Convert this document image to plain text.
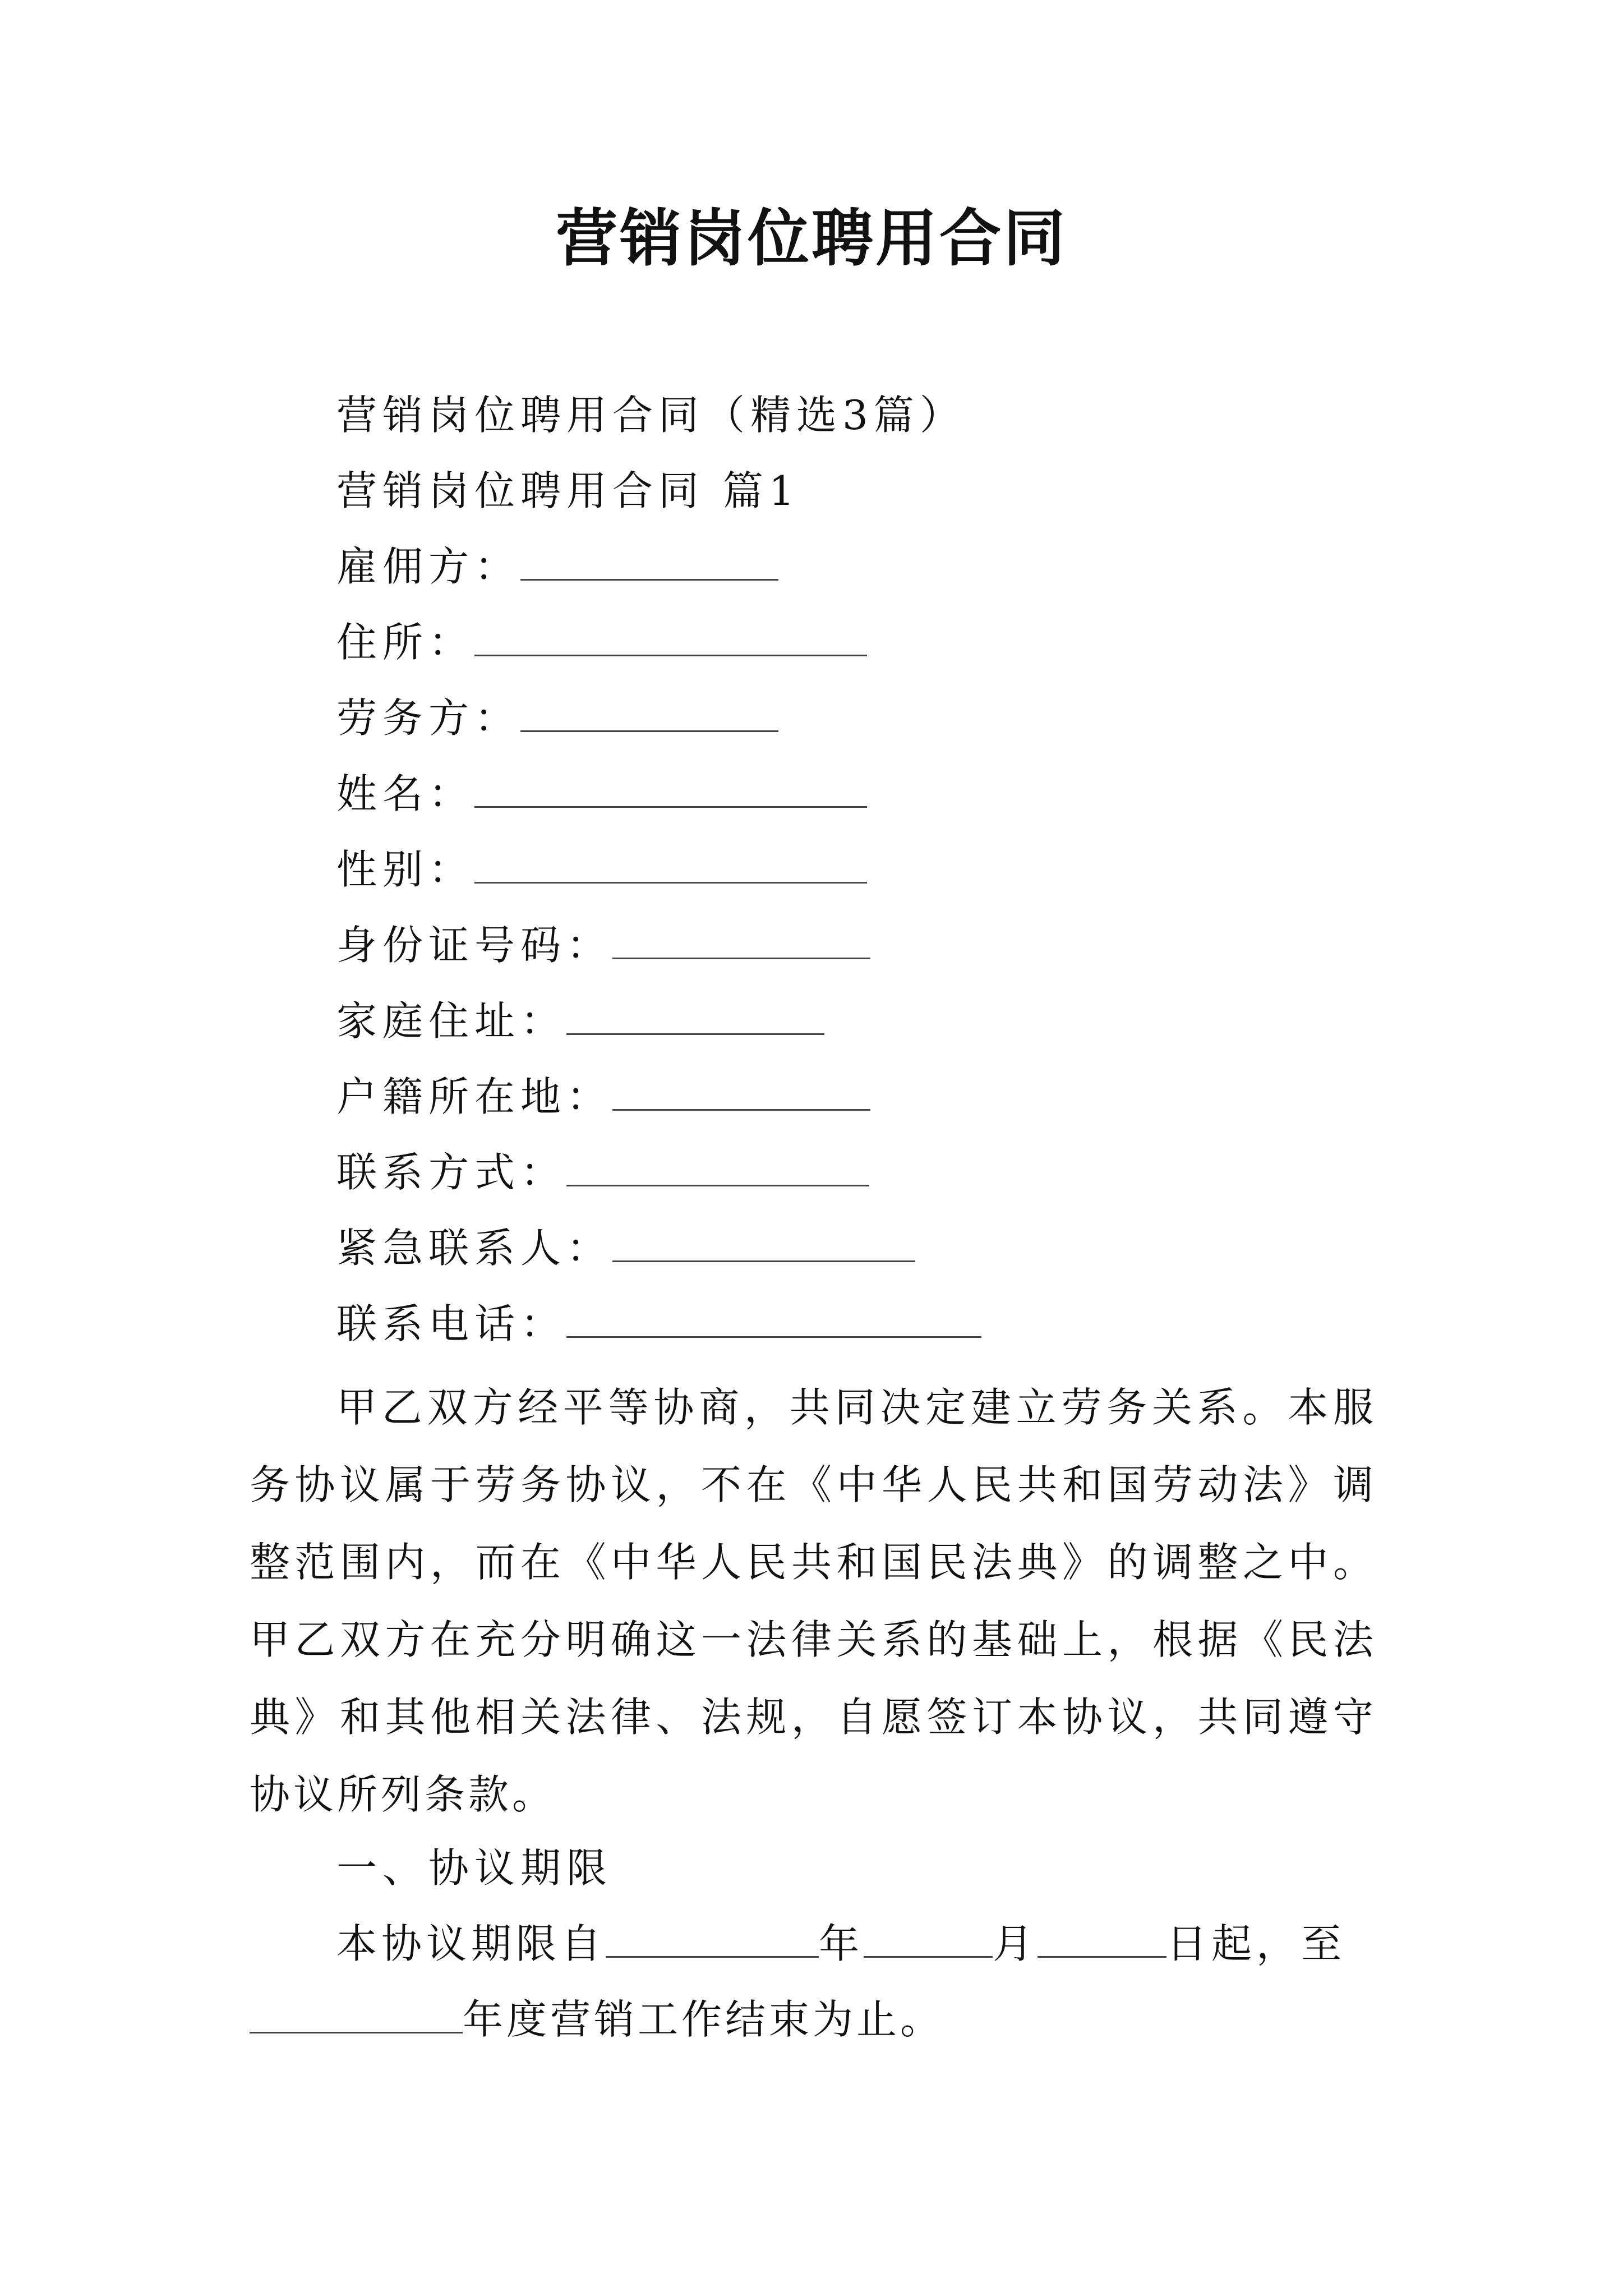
营销岗位聘用合同
营销岗位聘用合同（精选3篇）
营销岗位聘用合同 篇1
雇佣方：
住所：
劳务方：
姓名：
性别：
身份证号码：
家庭住址：
户籍所在地：
联系方式：
紧急联系人：
联系电话：
甲乙双方经平等协商，共同决定建立劳务关系。本服务协议属于劳务协议，不在《中华人民共和国劳动法》调整范围内，而在《中华人民共和国民法典》的调整之中。甲乙双方在充分明确这一法律关系的基础上，根据《民法典》和其他相关法律、法规，自愿签订本协议，共同遵守协议所列条款。
一、协议期限
本协议期限自	年	月	日起，至
年度营销工作结束为止。
